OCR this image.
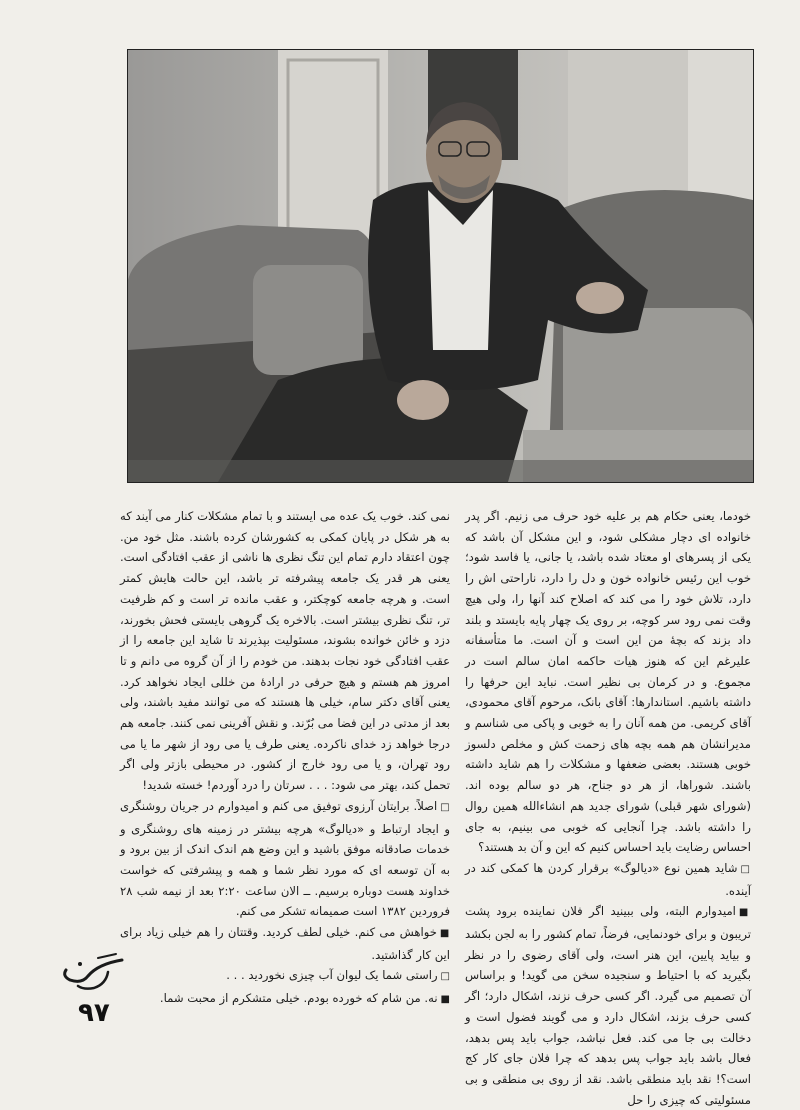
خودما، یعنی حکام هم بر علیه خود حرف می زنیم. اگر پدر خانواده ای دچار مشکلی شود، و این مشکل آن باشد که یکی از پسرهای او معتاد شده باشد، یا جانی، یا فاسد شود؛ خوب این رئیس خانواده خون و دل را دارد، ناراحتی اش را دارد، تلاش خود را می کند که اصلاح کند آنها را، ولی هیچ وقت نمی رود سر کوچه، بر روی یک چهار پایه بایستد و بلند داد بزند که بچهٔ من این است و آن است. ما متأسفانه علیرغم این که هنوز هیات حاکمه امان سالم است در مجموع. و در کرمان بی نظیر است. نباید این حرفها را داشته باشیم. استاندارها: آقای بانک، مرحوم آقای محمودی، آقای کریمی. من همه آنان را به خوبی و پاکی می شناسم و مدیرانشان هم همه بچه های زحمت کش و مخلص دلسوز خوبی هستند. بعضی ضعفها و مشکلات را هم شاید داشته باشند. شوراها، از هر دو جناح، هر دو سالم بوده اند. (شورای شهر قبلی) شورای جدید هم انشاءالله همین روال را داشته باشد. چرا آنجایی که خوبی می بینیم، به جای احساس رضایت باید احساس کنیم که این و آن بد هستند؟

□ شاید همین نوع «دیالوگ» برقرار کردن ها کمکی کند در آینده.

■ امیدوارم البته، ولی ببینید اگر فلان نماینده برود پشت تریبون و برای خودنمایی، فرضاً، تمام کشور را به لجن بکشد و بیاید پایین، این هنر است، ولی آقای رضوی را در نظر بگیرید که با احتیاط و سنجیده سخن می گوید! و براساس آن تصمیم می گیرد. اگر کسی حرف نزند، اشکال دارد؛ اگر کسی حرف بزند، اشکال دارد و می گویند فضول است و دخالت بی جا می کند. فعل نباشد، جواب باید پس بدهد، فعال باشد باید جواب پس بدهد که چرا فلان جای کار کج است؟! نقد باید منطقی باشد. نقد از روی بی منطقی و بی مسئولیتی که چیزی را حل

نمی کند. خوب یک عده می ایستند و با تمام مشکلات کنار می آیند که به هر شکل در پایان کمکی به کشورشان کرده باشند. مثل خود من. چون اعتقاد دارم تمام این تنگ نظری ها ناشی از عقب افتادگی است. یعنی هر قدر یک جامعه پیشرفته تر باشد، این حالت هایش کمتر است. و هرچه جامعه کوچکتر، و عقب مانده تر است و کم ظرفیت تر، تنگ نظری بیشتر است. بالاخره یک گروهی بایستی فحش بخورند، دزد و خائن خوانده بشوند، مسئولیت بپذیرند تا شاید این جامعه را از عقب افتادگی خود نجات بدهند. من خودم را از آن گروه می دانم و تا امروز هم هستم و هیچ حرفی در ارادهٔ من خللی ایجاد نخواهد کرد. یعنی آقای دکتر سام، خیلی ها هستند که می توانند مفید باشند، ولی بعد از مدتی در این فضا می بُرّند. و نقش آفرینی نمی کنند. جامعه هم درجا خواهد زد خدای ناکرده. یعنی طرف یا می رود از شهر ما یا می رود تهران، و یا می رود خارج از کشور. در محیطی بازتر ولی اگر تحمل کند، بهتر می شود: . . . سرتان را درد آوردم! خسته شدید!

□ اصلاً. برایتان آرزوی توفیق می کنم و امیدوارم در جریان روشنگری و ایجاد ارتباط و «دیالوگ» هرچه بیشتر در زمینه های روشنگری و خدمات صادقانه موفق باشید و این وضع هم اندک اندک از بین برود و به آن توسعه ای که مورد نظر شما و همه و پیشرفتی که خواست خداوند هست دوباره برسیم. ــ الان ساعت ۲:۲۰ بعد از نیمه شب ۲۸ فروردین ۱۳۸۲ است صمیمانه تشکر می کنم.

■ خواهش می کنم. خیلی لطف کردید. وقتتان را هم خیلی زیاد برای این کار گذاشتید.

□ راستی شما یک لیوان آب چیزی نخوردید . . .

■ نه. من شام که خورده بودم. خیلی متشکرم از محبت شما.

۹۷
